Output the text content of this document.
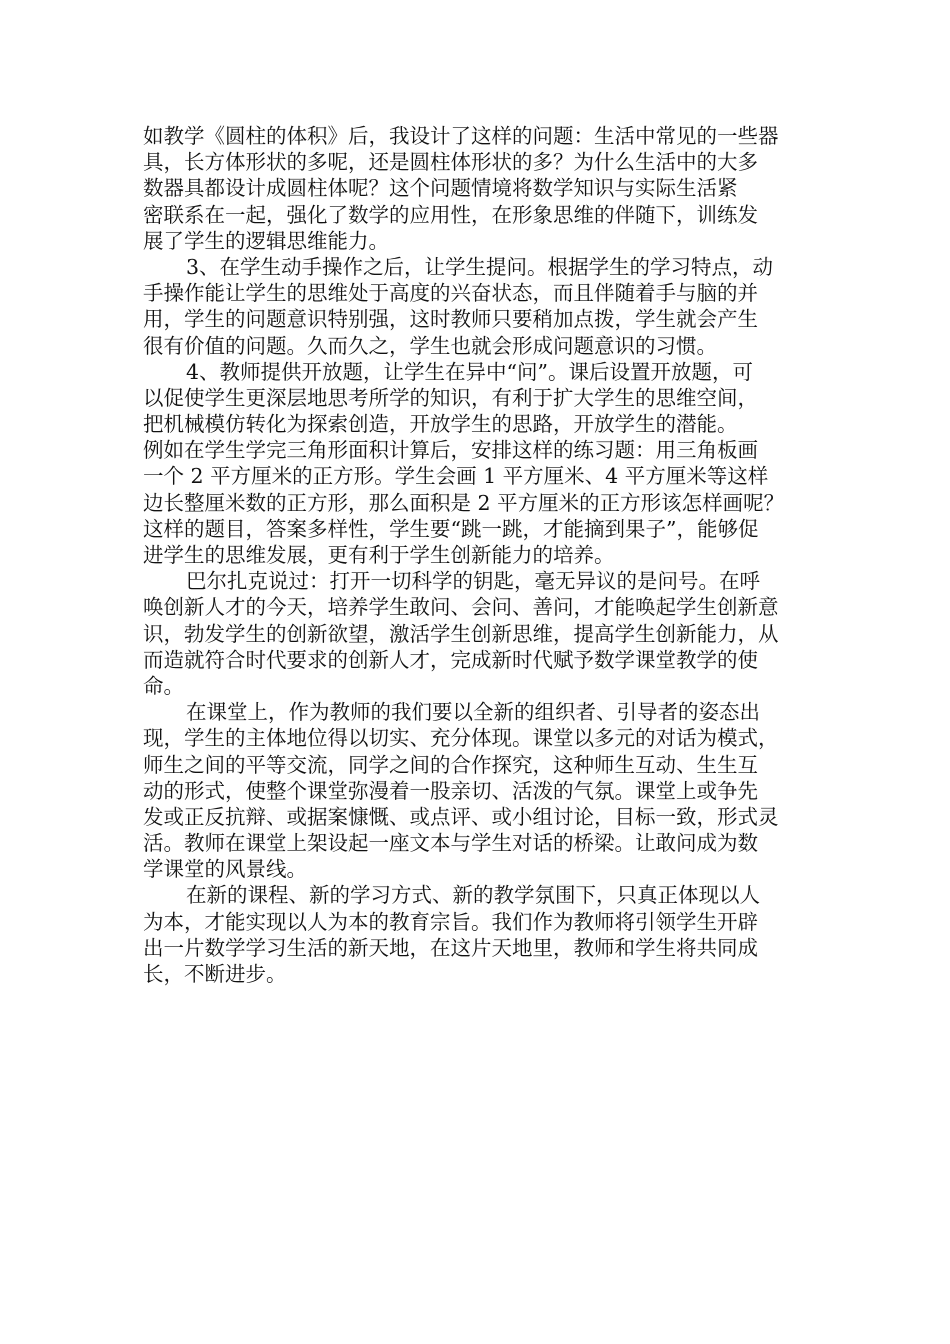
如教学《圆柱的体积》后，我设计了这样的问题：生活中常见的一些器
具，长方体形状的多呢，还是圆柱体形状的多？为什么生活中的大多
数器具都设计成圆柱体呢？这个问题情境将数学知识与实际生活紧
密联系在一起，强化了数学的应用性，在形象思维的伴随下，训练发
展了学生的逻辑思维能力。
3、在学生动手操作之后，让学生提问。根据学生的学习特点，动
手操作能让学生的思维处于高度的兴奋状态，而且伴随着手与脑的并
用，学生的问题意识特别强，这时教师只要稍加点拨，学生就会产生
很有价值的问题。久而久之，学生也就会形成问题意识的习惯。
4、教师提供开放题，让学生在异中“问”。课后设置开放题，可
以促使学生更深层地思考所学的知识，有利于扩大学生的思维空间，
把机械模仿转化为探索创造，开放学生的思路，开放学生的潜能。
例如在学生学完三角形面积计算后，安排这样的练习题：用三角板画
一个 2 平方厘米的正方形。学生会画 1 平方厘米、4 平方厘米等这样
边长整厘米数的正方形，那么面积是 2 平方厘米的正方形该怎样画呢？
这样的题目，答案多样性，学生要“跳一跳，才能摘到果子”，能够促
进学生的思维发展，更有利于学生创新能力的培养。
巴尔扎克说过：打开一切科学的钥匙，毫无异议的是问号。在呼
唤创新人才的今天，培养学生敢问、会问、善问，才能唤起学生创新意
识，勃发学生的创新欲望，激活学生创新思维，提高学生创新能力，从
而造就符合时代要求的创新人才，完成新时代赋予数学课堂教学的使
命。
在课堂上，作为教师的我们要以全新的组织者、引导者的姿态出
现，学生的主体地位得以切实、充分体现。课堂以多元的对话为模式，
师生之间的平等交流，同学之间的合作探究，这种师生互动、生生互
动的形式，使整个课堂弥漫着一股亲切、活泼的气氛。课堂上或争先
发或正反抗辩、或据案慷慨、或点评、或小组讨论，目标一致，形式灵
活。教师在课堂上架设起一座文本与学生对话的桥梁。让敢问成为数
学课堂的风景线。
在新的课程、新的学习方式、新的教学氛围下，只真正体现以人
为本，才能实现以人为本的教育宗旨。我们作为教师将引领学生开辟
出一片数学学习生活的新天地，在这片天地里，教师和学生将共同成
长，不断进步。
